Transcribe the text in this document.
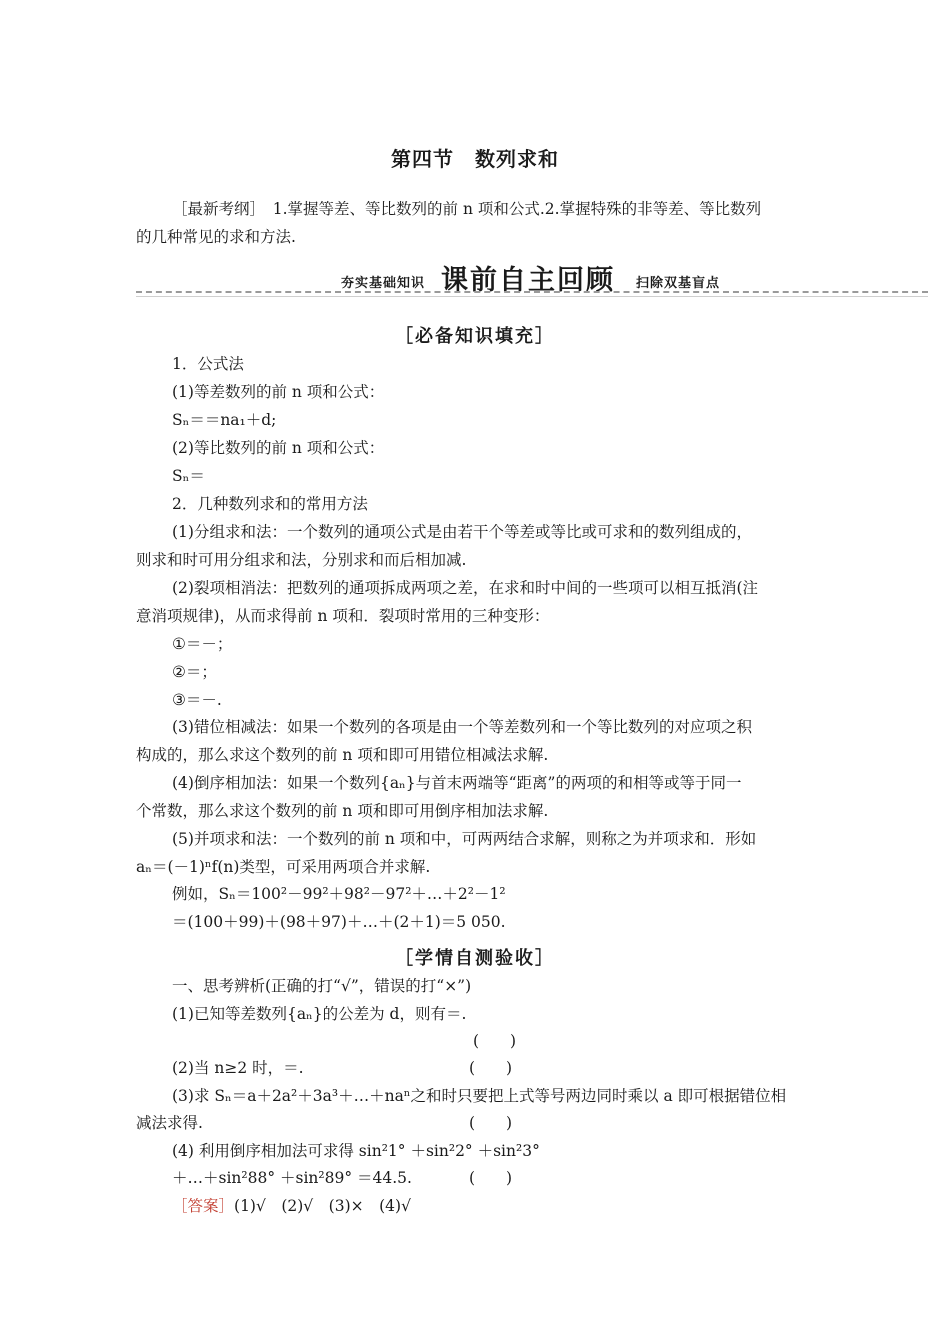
第四节　数列求和
［最新考纲］　1.掌握等差、等比数列的前 n 项和公式.2.掌握特殊的非等差、等比数列
的几种常见的求和方法.
夯实基础知识 课前自主回顾 扫除双基盲点
［必备知识填充］
1．公式法
(1)等差数列的前 n 项和公式：
Sₙ＝＝na₁＋d;
(2)等比数列的前 n 项和公式：
Sₙ＝
2．几种数列求和的常用方法
(1)分组求和法：一个数列的通项公式是由若干个等差或等比或可求和的数列组成的，
则求和时可用分组求和法，分别求和而后相加减.
(2)裂项相消法：把数列的通项拆成两项之差，在求和时中间的一些项可以相互抵消(注
意消项规律)，从而求得前 n 项和．裂项时常用的三种变形：
①＝－；
②＝；
③＝－.
(3)错位相减法：如果一个数列的各项是由一个等差数列和一个等比数列的对应项之积
构成的，那么求这个数列的前 n 项和即可用错位相减法求解.
(4)倒序相加法：如果一个数列{aₙ}与首末两端等“距离”的两项的和相等或等于同一
个常数，那么求这个数列的前 n 项和即可用倒序相加法求解.
(5)并项求和法：一个数列的前 n 项和中，可两两结合求解，则称之为并项求和．形如
aₙ＝(－1)ⁿf(n)类型，可采用两项合并求解.
例如，Sₙ＝100²－99²＋98²－97²＋…＋2²－1²
＝(100＋99)＋(98＋97)＋…＋(2＋1)＝5 050.
［学情自测验收］
一、思考辨析(正确的打“√”，错误的打“×”)
(1)已知等差数列{aₙ}的公差为 d，则有＝.
(　　)
(2)当 n≥2 时，＝.	(　　)
(3)求 Sₙ＝a＋2a²＋3a³＋…＋naⁿ之和时只要把上式等号两边同时乘以 a 即可根据错位相
(　　)
减法求得.
(4) 利用倒序相加法可求得 sin²1° ＋sin²2° ＋sin²3°
＋…＋sin²88° ＋sin²89° ＝44.5.	(　　)
［答案］(1)√　(2)√　(3)×　(4)√
